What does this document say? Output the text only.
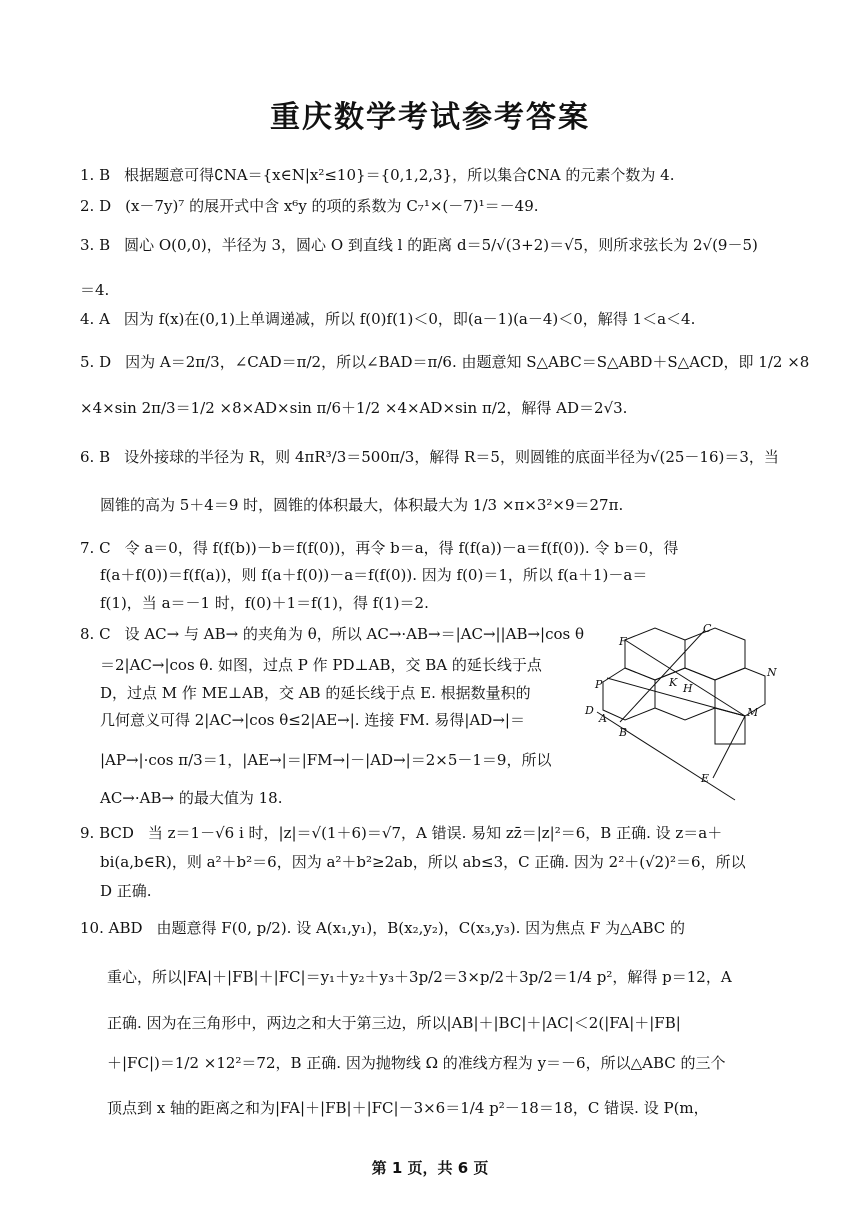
重庆数学考试参考答案
1. B 根据题意可得∁NA＝{x∈N|x²≤10}＝{0,1,2,3}，所以集合∁NA 的元素个数为 4.
2. D (x－7y)⁷ 的展开式中含 x⁶y 的项的系数为 C₇¹×(－7)¹＝－49.
3. B 圆心 O(0,0)，半径为 3，圆心 O 到直线 l 的距离 d＝5/√(3+2)＝√5，则所求弦长为 2√(9－5)
＝4.
4. A 因为 f(x)在(0,1)上单调递减，所以 f(0)f(1)＜0，即(a－1)(a－4)＜0，解得 1＜a＜4.
5. D 因为 A＝2π/3，∠CAD＝π/2，所以∠BAD＝π/6. 由题意知 S△ABC＝S△ABD＋S△ACD，即 1/2 ×8
×4×sin 2π/3＝1/2 ×8×AD×sin π/6＋1/2 ×4×AD×sin π/2，解得 AD＝2√3.
6. B 设外接球的半径为 R，则 4πR³/3＝500π/3，解得 R＝5，则圆锥的底面半径为√(25－16)＝3，当
圆锥的高为 5＋4＝9 时，圆锥的体积最大，体积最大为 1/3 ×π×3²×9＝27π.
7. C 令 a＝0，得 f(f(b))－b＝f(f(0))，再令 b＝a，得 f(f(a))－a＝f(f(0)). 令 b＝0，得
f(a＋f(0))＝f(f(a))，则 f(a＋f(0))－a＝f(f(0)). 因为 f(0)＝1，所以 f(a＋1)－a＝
f(1)，当 a＝－1 时，f(0)＋1＝f(1)，得 f(1)＝2.
8. C 设 AC→ 与 AB→ 的夹角为 θ，所以 AC→·AB→＝|AC→||AB→|cos θ
＝2|AC→|cos θ. 如图，过点 P 作 PD⊥AB，交 BA 的延长线于点
D，过点 M 作 ME⊥AB，交 AB 的延长线于点 E. 根据数量积的
几何意义可得 2|AC→|cos θ≤2|AE→|. 连接 FM. 易得|AD→|＝
|AP→|·cos π/3＝1，|AE→|＝|FM→|－|AD→|＝2×5－1＝9，所以
AC→·AB→ 的最大值为 18.
F
C
P	K H
N
D
A
B
M
E
9. BCD 当 z＝1－√6 i 时，|z|＝√(1＋6)＝√7，A 错误. 易知 zz̄＝|z|²＝6，B 正确. 设 z＝a＋
bi(a,b∈R)，则 a²＋b²＝6，因为 a²＋b²≥2ab，所以 ab≤3，C 正确. 因为 2²＋(√2)²＝6，所以
D 正确.
10. ABD 由题意得 F(0, p/2). 设 A(x₁,y₁)，B(x₂,y₂)，C(x₃,y₃). 因为焦点 F 为△ABC 的
重心，所以|FA|＋|FB|＋|FC|＝y₁＋y₂＋y₃＋3p/2＝3×p/2＋3p/2＝1/4 p²，解得 p＝12，A
正确. 因为在三角形中，两边之和大于第三边，所以|AB|＋|BC|＋|AC|＜2(|FA|＋|FB|
＋|FC|)＝1/2 ×12²＝72，B 正确. 因为抛物线 Ω 的准线方程为 y＝－6，所以△ABC 的三个
顶点到 x 轴的距离之和为|FA|＋|FB|＋|FC|－3×6＝1/4 p²－18＝18，C 错误. 设 P(m，
第 1 页，共 6 页
